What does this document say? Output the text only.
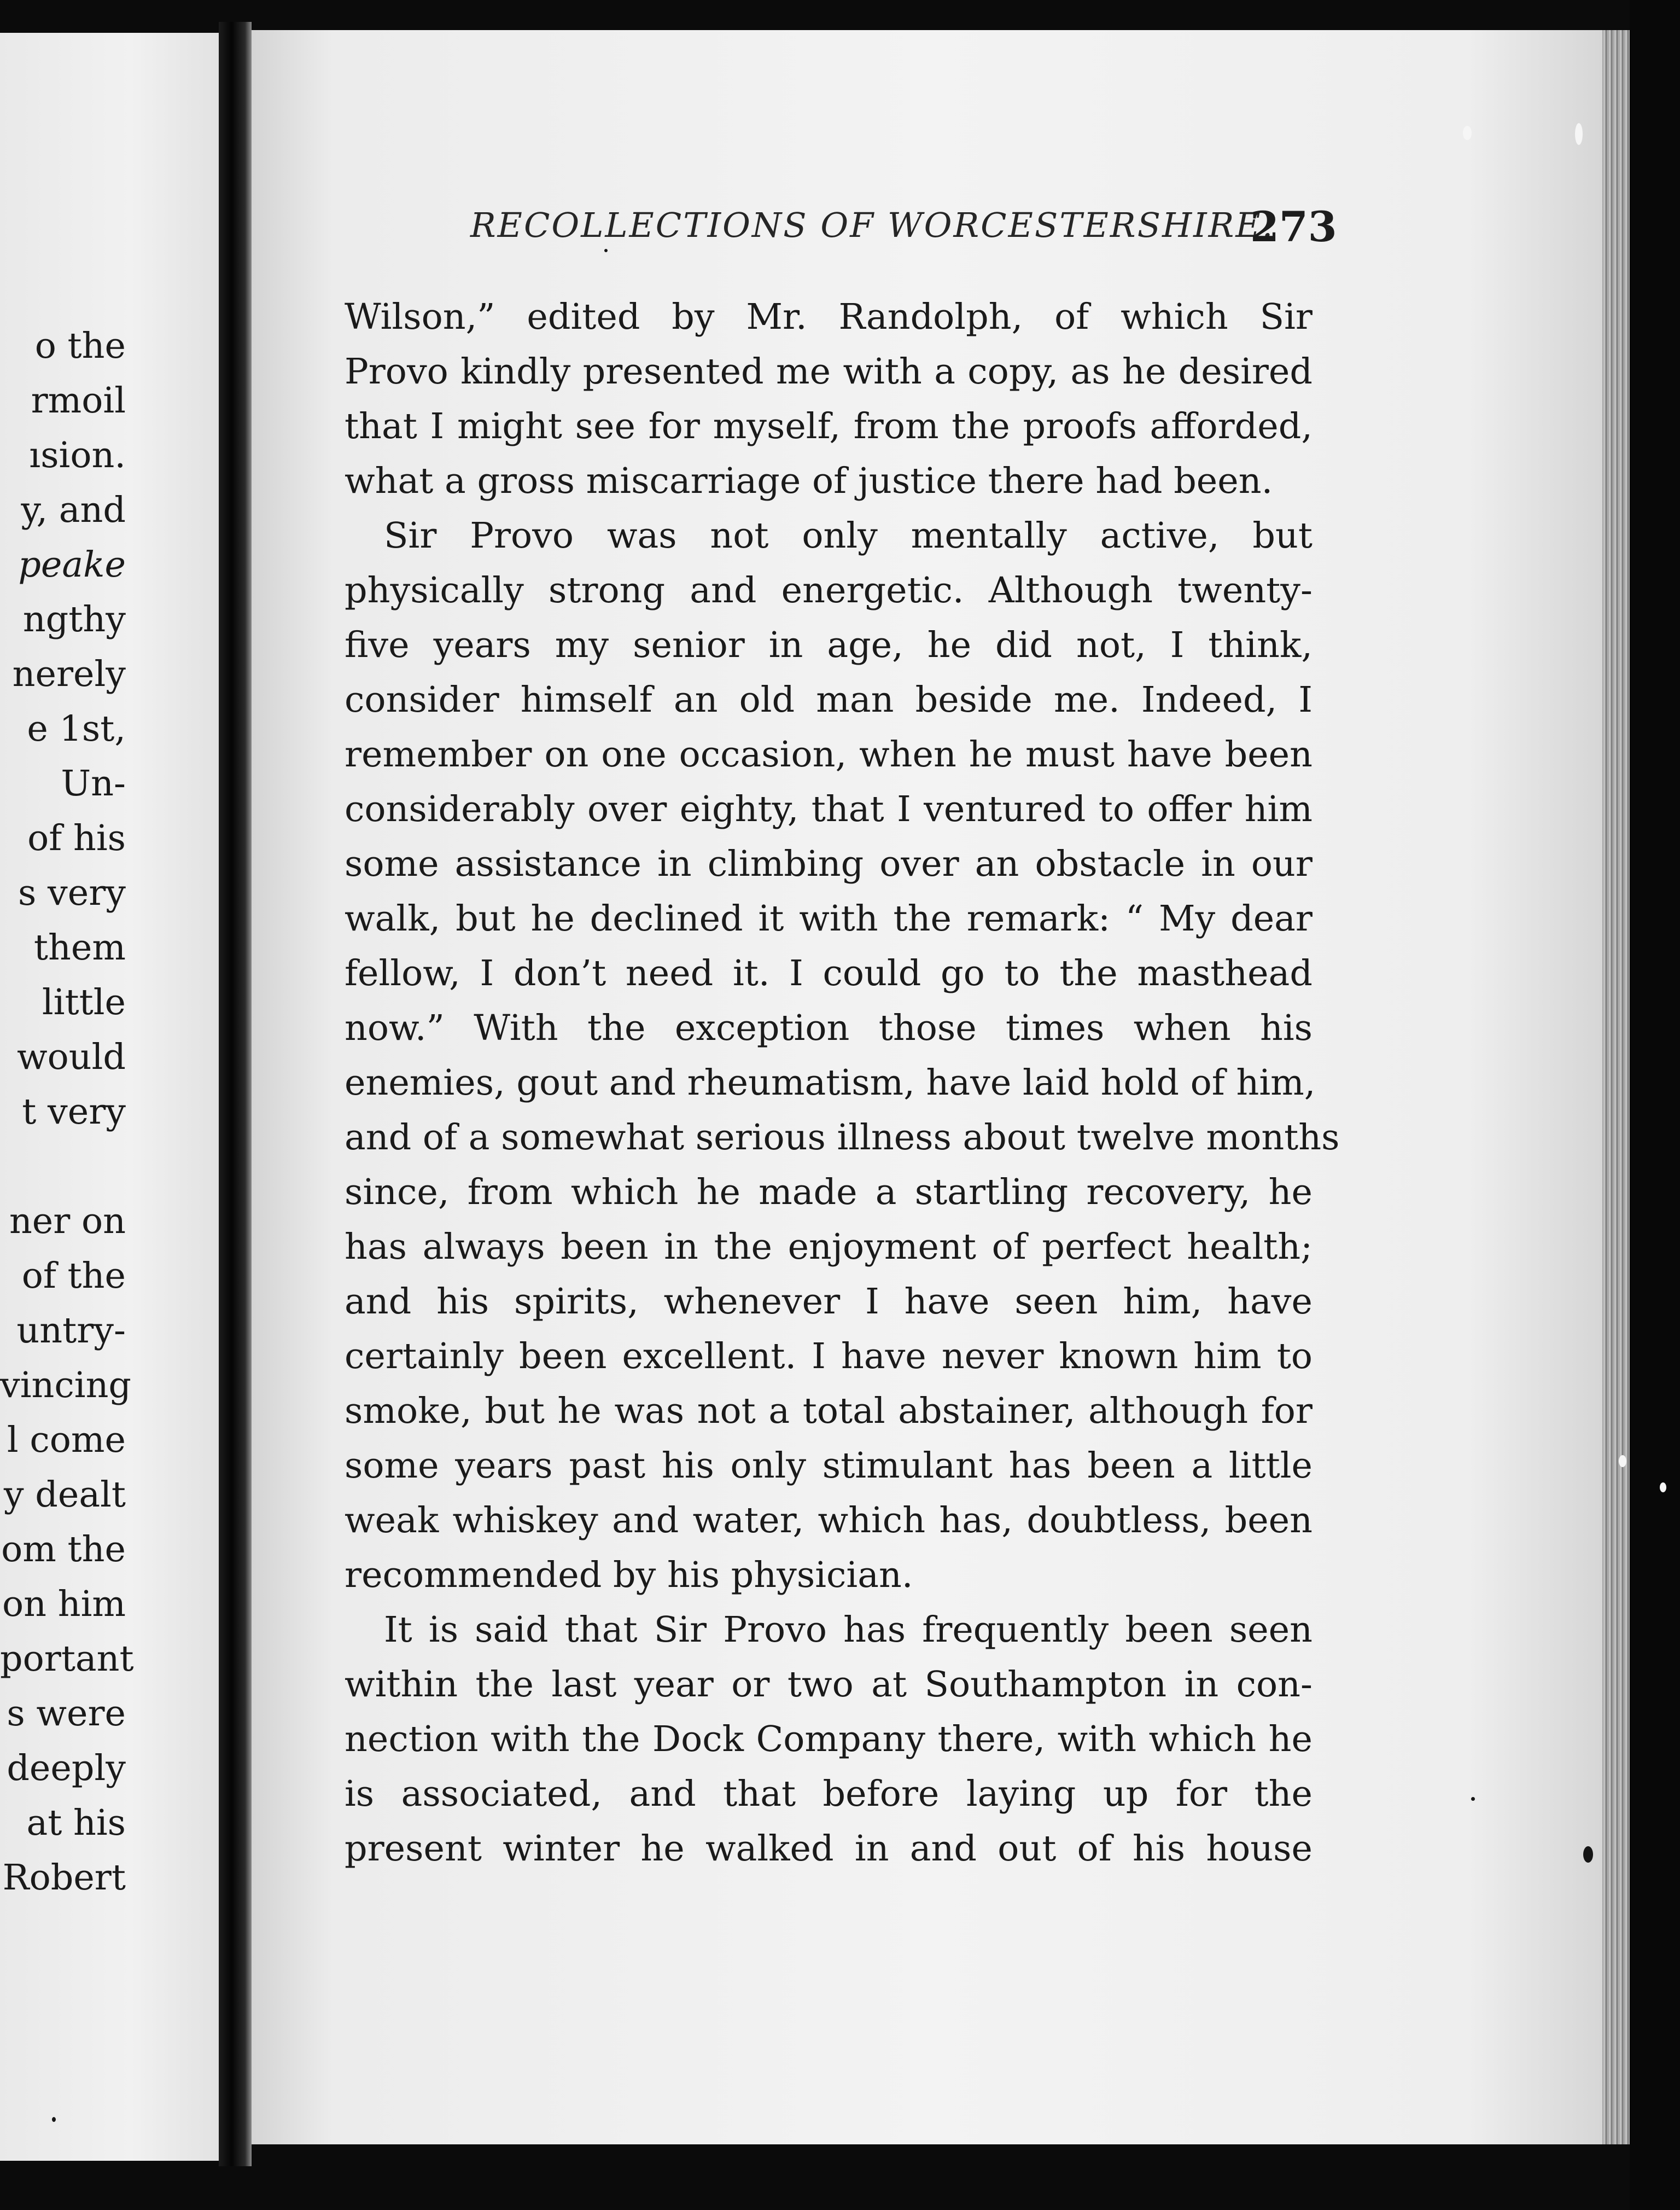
o the
rmoil
ısion.
y, and
peake
ngthy
nerely
e 1st,
Un-
of his
s very
them
little
would
t very
ner on
of the
untry-
vincing
l come
y dealt
om the
on him
portant
s were
deeply
at his
Robert
RECOLLECTIONS OF WORCESTERSHIRE.
273
Wilson,” edited by Mr. Randolph, of which Sir
Provo kindly presented me with a copy, as he desired
that I might see for myself, from the proofs afforded,
what a gross miscarriage of justice there had been.
Sir Provo was not only mentally active, but
physically strong and energetic. Although twenty-
five years my senior in age, he did not, I think,
consider himself an old man beside me. Indeed, I
remember on one occasion, when he must have been
considerably over eighty, that I ventured to offer him
some assistance in climbing over an obstacle in our
walk, but he declined it with the remark: “ My dear
fellow, I don’t need it. I could go to the masthead
now.” With the exception those times when his
enemies, gout and rheumatism, have laid hold of him,
and of a somewhat serious illness about twelve months
since, from which he made a startling recovery, he
has always been in the enjoyment of perfect health;
and his spirits, whenever I have seen him, have
certainly been excellent. I have never known him to
smoke, but he was not a total abstainer, although for
some years past his only stimulant has been a little
weak whiskey and water, which has, doubtless, been
recommended by his physician.
It is said that Sir Provo has frequently been seen
within the last year or two at Southampton in con-
nection with the Dock Company there, with which he
is associated, and that before laying up for the
present winter he walked in and out of his house
